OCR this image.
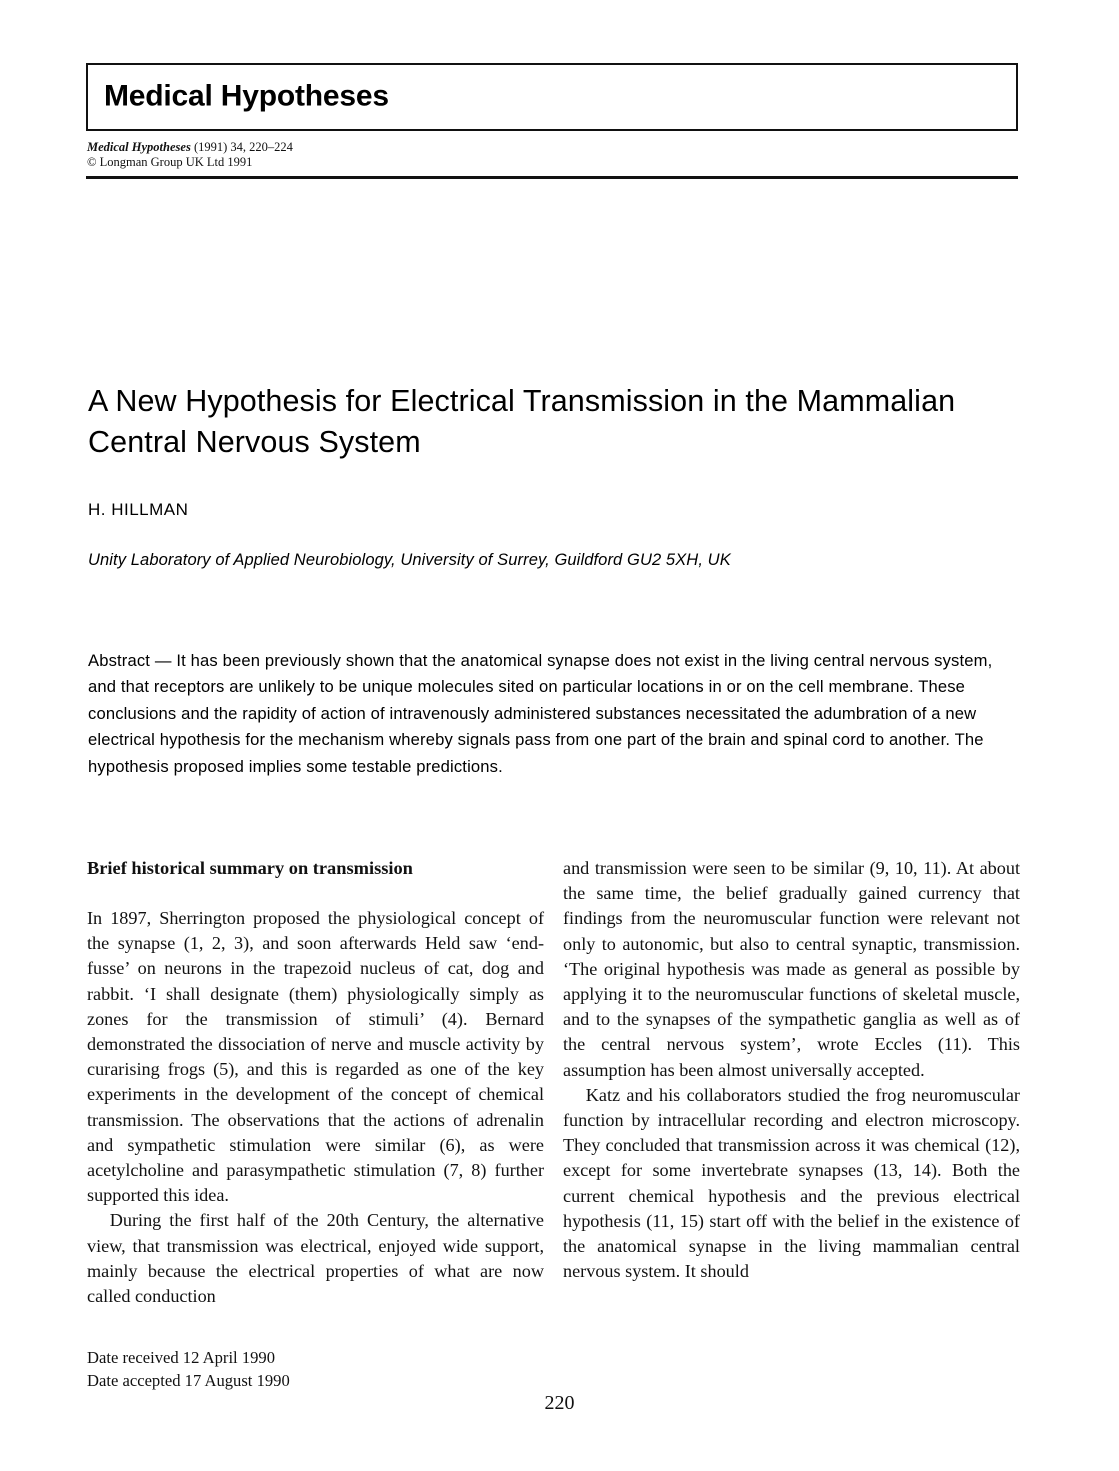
Medical Hypotheses
Medical Hypotheses (1991) 34, 220–224
© Longman Group UK Ltd 1991
A New Hypothesis for Electrical Transmission in the Mammalian Central Nervous System
H. HILLMAN
Unity Laboratory of Applied Neurobiology, University of Surrey, Guildford GU2 5XH, UK
Abstract — It has been previously shown that the anatomical synapse does not exist in the living central nervous system, and that receptors are unlikely to be unique molecules sited on particular locations in or on the cell membrane. These conclusions and the rapidity of action of intravenously administered substances necessitated the adumbration of a new electrical hypothesis for the mechanism whereby signals pass from one part of the brain and spinal cord to another. The hypothesis proposed implies some testable predictions.
Brief historical summary on transmission

In 1897, Sherrington proposed the physiological concept of the synapse (1, 2, 3), and soon afterwards Held saw ‘end-fusse’ on neurons in the trapezoid nucleus of cat, dog and rabbit. ‘I shall designate (them) physiologically simply as zones for the transmission of stimuli’ (4). Bernard demonstrated the dissociation of nerve and muscle activity by curarising frogs (5), and this is regarded as one of the key experiments in the development of the concept of chemical transmission. The observations that the actions of adrenalin and sympathetic stimulation were similar (6), as were acetylcholine and parasympathetic stimulation (7, 8) further supported this idea.

During the first half of the 20th Century, the alternative view, that transmission was electrical, enjoyed wide support, mainly because the electrical properties of what are now called conduction

and transmission were seen to be similar (9, 10, 11). At about the same time, the belief gradually gained currency that findings from the neuromuscular function were relevant not only to autonomic, but also to central synaptic, transmission. ‘The original hypothesis was made as general as possible by applying it to the neuromuscular functions of skeletal muscle, and to the synapses of the sympathetic ganglia as well as of the central nervous system’, wrote Eccles (11). This assumption has been almost universally accepted.

Katz and his collaborators studied the frog neuromuscular function by intracellular recording and electron microscopy. They concluded that transmission across it was chemical (12), except for some invertebrate synapses (13, 14). Both the current chemical hypothesis and the previous electrical hypothesis (11, 15) start off with the belief in the existence of the anatomical synapse in the living mammalian central nervous system. It should

Date received 12 April 1990
Date accepted 17 August 1990
220
